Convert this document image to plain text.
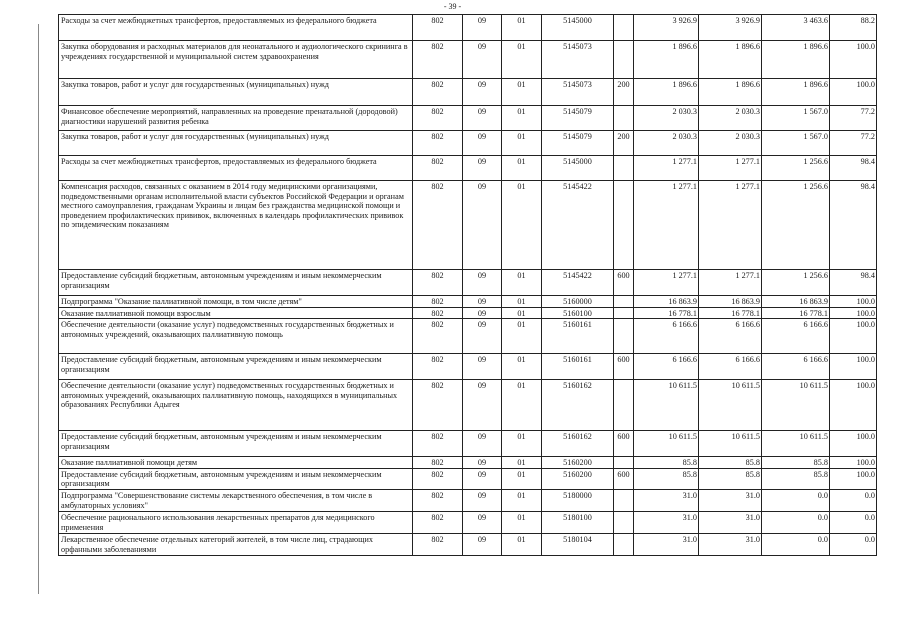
- 39 -
Расходы за счет межбюджетных трансфертов, предоставляемых из федерального бюджета	802	09	01	5145000		3 926.9	3 926.9	3 463.6	88.2
Закупка оборудования и расходных материалов для неонатального и аудиологического скрининга в учреждениях государственной и муниципальной систем здравоохранения	802	09	01	5145073		1 896.6	1 896.6	1 896.6	100.0
Закупка товаров, работ и услуг для государственных (муниципальных) нужд	802	09	01	5145073	200	1 896.6	1 896.6	1 896.6	100.0
Финансовое обеспечение мероприятий, направленных на проведение пренатальной (дородовой) диагностики нарушений развития ребенка	802	09	01	5145079		2 030.3	2 030.3	1 567.0	77.2
Закупка товаров, работ и услуг для государственных (муниципальных) нужд	802	09	01	5145079	200	2 030.3	2 030.3	1 567.0	77.2
Расходы за счет межбюджетных трансфертов, предоставляемых из федерального бюджета	802	09	01	5145000		1 277.1	1 277.1	1 256.6	98.4
Компенсация расходов, связанных с оказанием в 2014 году медицинскими организациями, подведомственными органам исполнительной власти субъектов Российской Федерации и органам местного самоуправления, гражданам Украины и лицам без гражданства медицинской помощи и проведением профилактических прививок, включенных в календарь профилактических прививок по эпидемическим показаниям	802	09	01	5145422		1 277.1	1 277.1	1 256.6	98.4
Предоставление субсидий бюджетным, автономным учреждениям и иным некоммерческим организациям	802	09	01	5145422	600	1 277.1	1 277.1	1 256.6	98.4
Подпрограмма "Оказание паллиативной помощи, в том числе детям"	802	09	01	5160000		16 863.9	16 863.9	16 863.9	100.0
Оказание паллиативной помощи взрослым	802	09	01	5160100		16 778.1	16 778.1	16 778.1	100.0
Обеспечение деятельности (оказание услуг) подведомственных государственных бюджетных и автономных учреждений, оказывающих паллиативную помощь	802	09	01	5160161		6 166.6	6 166.6	6 166.6	100.0
Предоставление субсидий бюджетным, автономным учреждениям и иным некоммерческим организациям	802	09	01	5160161	600	6 166.6	6 166.6	6 166.6	100.0
Обеспечение деятельности (оказание услуг) подведомственных государственных бюджетных и автономных учреждений, оказывающих паллиативную помощь, находящихся в муниципальных образованиях Республики Адыгея	802	09	01	5160162		10 611.5	10 611.5	10 611.5	100.0
Предоставление субсидий бюджетным, автономным учреждениям и иным некоммерческим организациям	802	09	01	5160162	600	10 611.5	10 611.5	10 611.5	100.0
Оказание паллиативной помощи детям	802	09	01	5160200		85.8	85.8	85.8	100.0
Предоставление субсидий бюджетным, автономным учреждениям и иным некоммерческим организациям	802	09	01	5160200	600	85.8	85.8	85.8	100.0
Подпрограмма "Совершенствование системы лекарственного обеспечения, в том числе в амбулаторных условиях"	802	09	01	5180000		31.0	31.0	0.0	0.0
Обеспечение рационального использования лекарственных препаратов для медицинского применения	802	09	01	5180100		31.0	31.0	0.0	0.0
Лекарственное обеспечение отдельных категорий жителей, в том числе лиц, страдающих орфанными заболеваниями	802	09	01	5180104		31.0	31.0	0.0	0.0
